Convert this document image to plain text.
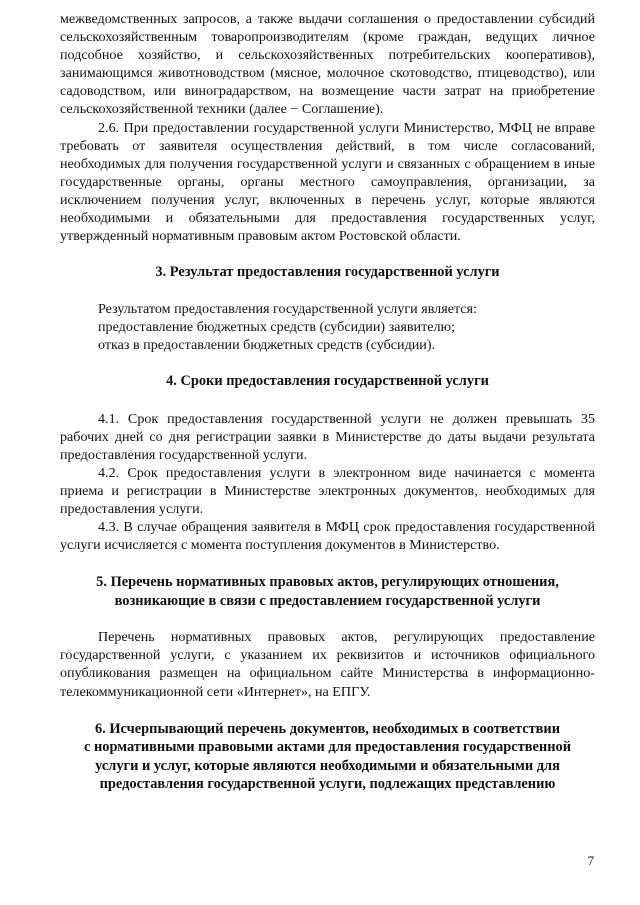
межведомственных запросов, а также выдачи соглашения о предоставлении субсидий сельскохозяйственным товаропроизводителям (кроме граждан, ведущих личное подсобное хозяйство, и сельскохозяйственных потребительских кооперативов), занимающимся животноводством (мясное, молочное скотоводство, птицеводство), или садоводством, или виноградарством, на возмещение части затрат на приобретение сельскохозяйственной техники (далее − Соглашение).

2.6. При предоставлении государственной услуги Министерство, МФЦ не вправе требовать от заявителя осуществления действий, в том числе согласований, необходимых для получения государственной услуги и связанных с обращением в иные государственные органы, органы местного самоуправления, организации, за исключением получения услуг, включенных в перечень услуг, которые являются необходимыми и обязательными для предоставления государственных услуг, утвержденный нормативным правовым актом Ростовской области.

3. Результат предоставления государственной услуги

Результатом предоставления государственной услуги является:

предоставление бюджетных средств (субсидии) заявителю;

отказ в предоставлении бюджетных средств (субсидии).

4. Сроки предоставления государственной услуги

4.1. Срок предоставления государственной услуги не должен превышать 35 рабочих дней со дня регистрации заявки в Министерстве до даты выдачи результата предоставления государственной услуги.

4.2. Срок предоставления услуги в электронном виде начинается с момента приема и регистрации в Министерстве электронных документов, необходимых для предоставления услуги.

4.3. В случае обращения заявителя в МФЦ срок предоставления государственной услуги исчисляется с момента поступления документов в Министерство.

5. Перечень нормативных правовых актов, регулирующих отношения,
возникающие в связи с предоставлением государственной услуги

Перечень нормативных правовых актов, регулирующих предоставление государственной услуги, с указанием их реквизитов и источников официального опубликования размещен на официальном сайте Министерства в информационно-телекоммуникационной сети «Интернет», на ЕПГУ.

6. Исчерпывающий перечень документов, необходимых в соответствии
с нормативными правовыми актами для предоставления государственной
услуги и услуг, которые являются необходимыми и обязательными для
предоставления государственной услуги, подлежащих представлению
7
